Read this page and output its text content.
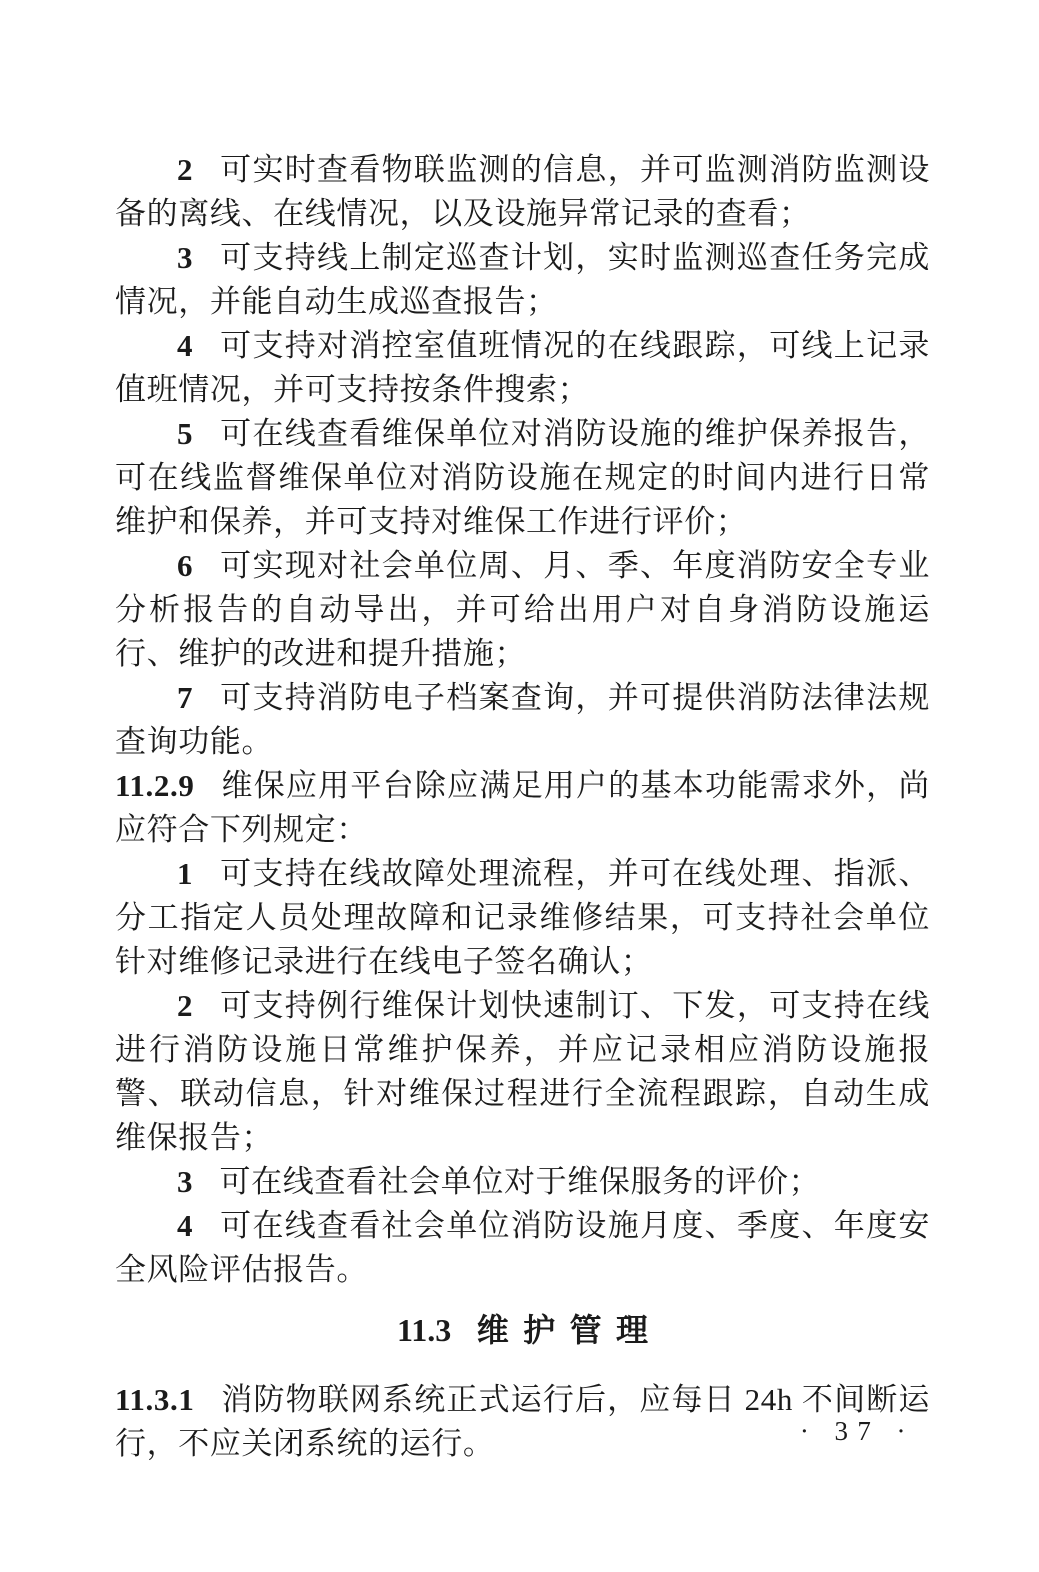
2 可实时查看物联监测的信息，并可监测消防监测设备的离线、在线情况，以及设施异常记录的查看；

3 可支持线上制定巡查计划，实时监测巡查任务完成情况，并能自动生成巡查报告；

4 可支持对消控室值班情况的在线跟踪，可线上记录值班情况，并可支持按条件搜索；

5 可在线查看维保单位对消防设施的维护保养报告，可在线监督维保单位对消防设施在规定的时间内进行日常维护和保养，并可支持对维保工作进行评价；

6 可实现对社会单位周、月、季、年度消防安全专业分析报告的自动导出，并可给出用户对自身消防设施运行、维护的改进和提升措施；

7 可支持消防电子档案查询，并可提供消防法律法规查询功能。

11.2.9 维保应用平台除应满足用户的基本功能需求外，尚应符合下列规定：

1 可支持在线故障处理流程，并可在线处理、指派、分工指定人员处理故障和记录维修结果，可支持社会单位针对维修记录进行在线电子签名确认；

2 可支持例行维保计划快速制订、下发，可支持在线进行消防设施日常维护保养，并应记录相应消防设施报警、联动信息，针对维保过程进行全流程跟踪，自动生成维保报告；

3 可在线查看社会单位对于维保服务的评价；

4 可在线查看社会单位消防设施月度、季度、年度安全风险评估报告。

11.3 维护管理

11.3.1 消防物联网系统正式运行后，应每日 24h 不间断运行，不应关闭系统的运行。	· 37 ·
